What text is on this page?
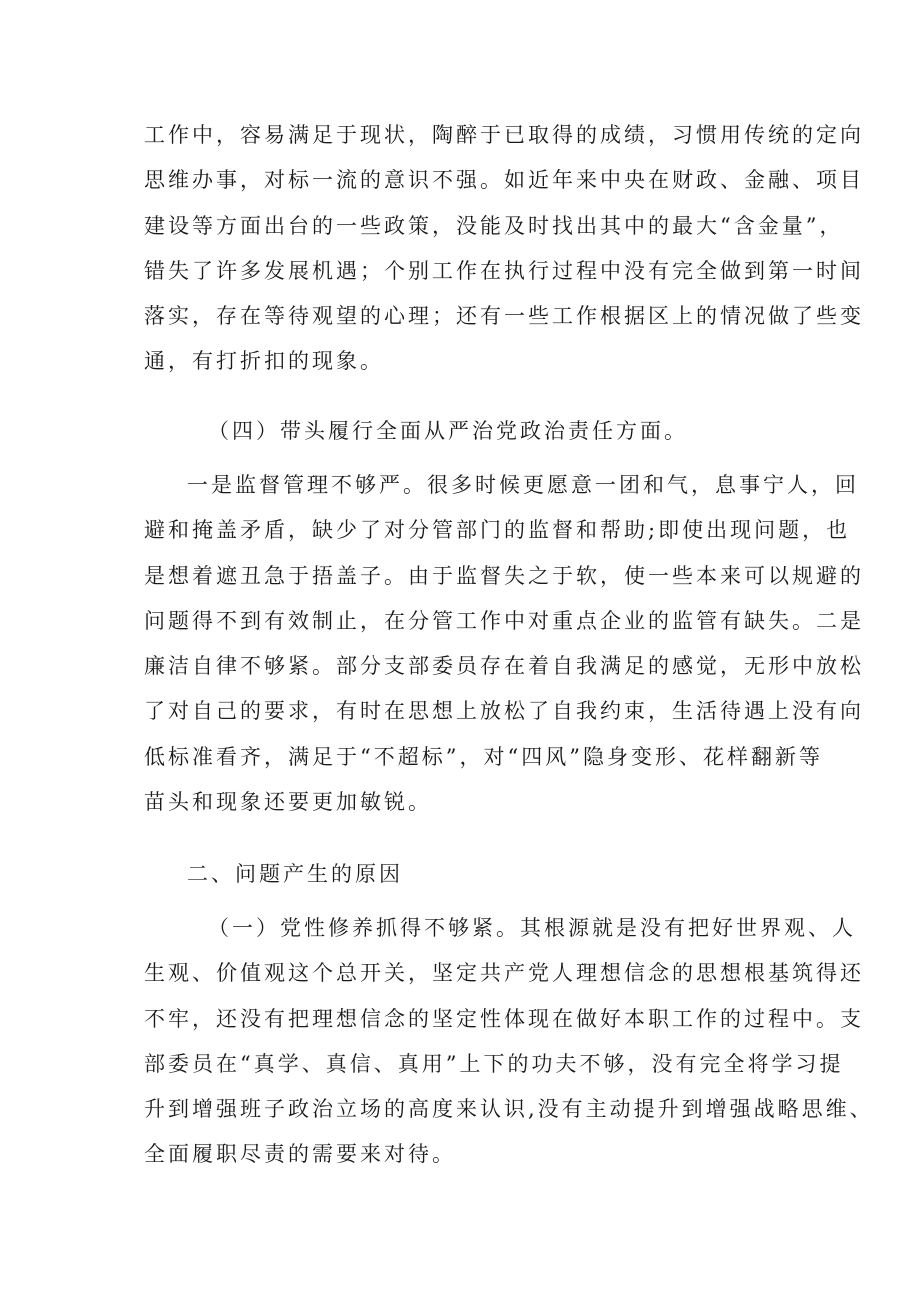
工作中，容易满足于现状，陶醉于已取得的成绩，习惯用传统的定向
思维办事，对标一流的意识不强。如近年来中央在财政、金融、项目
建设等方面出台的一些政策，没能及时找出其中的最大“含金量”，
错失了许多发展机遇；个别工作在执行过程中没有完全做到第一时间
落实，存在等待观望的心理；还有一些工作根据区上的情况做了些变
通，有打折扣的现象。
（四）带头履行全面从严治党政治责任方面。
一是监督管理不够严。很多时候更愿意一团和气，息事宁人，回
避和掩盖矛盾，缺少了对分管部门的监督和帮助;即使出现问题，也
是想着遮丑急于捂盖子。由于监督失之于软，使一些本来可以规避的
问题得不到有效制止，在分管工作中对重点企业的监管有缺失。二是
廉洁自律不够紧。部分支部委员存在着自我满足的感觉，无形中放松
了对自己的要求，有时在思想上放松了自我约束，生活待遇上没有向
低标准看齐，满足于“不超标”，对“四风”隐身变形、花样翻新等
苗头和现象还要更加敏锐。
二、问题产生的原因
（一）党性修养抓得不够紧。其根源就是没有把好世界观、人
生观、价值观这个总开关，坚定共产党人理想信念的思想根基筑得还
不牢，还没有把理想信念的坚定性体现在做好本职工作的过程中。支
部委员在“真学、真信、真用”上下的功夫不够，没有完全将学习提
升到增强班子政治立场的高度来认识,没有主动提升到增强战略思维、
全面履职尽责的需要来对待。
